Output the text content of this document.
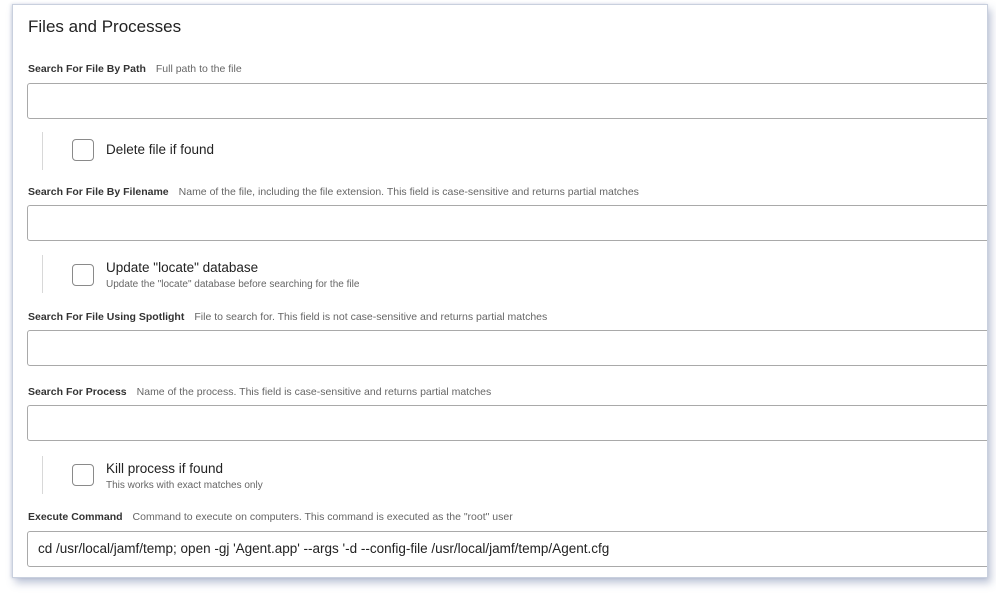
Files and Processes
Search For File By Path Full path to the file
Delete file if found
Search For File By Filename Name of the file, including the file extension. This field is case-sensitive and returns partial matches
Update "locate" database
Update the "locate" database before searching for the file
Search For File Using Spotlight File to search for. This field is not case-sensitive and returns partial matches
Search For Process Name of the process. This field is case-sensitive and returns partial matches
Kill process if found
This works with exact matches only
Execute Command Command to execute on computers. This command is executed as the "root" user
cd /usr/local/jamf/temp; open -gj 'Agent.app' --args '-d --config-file /usr/local/jamf/temp/Agent.cfg
